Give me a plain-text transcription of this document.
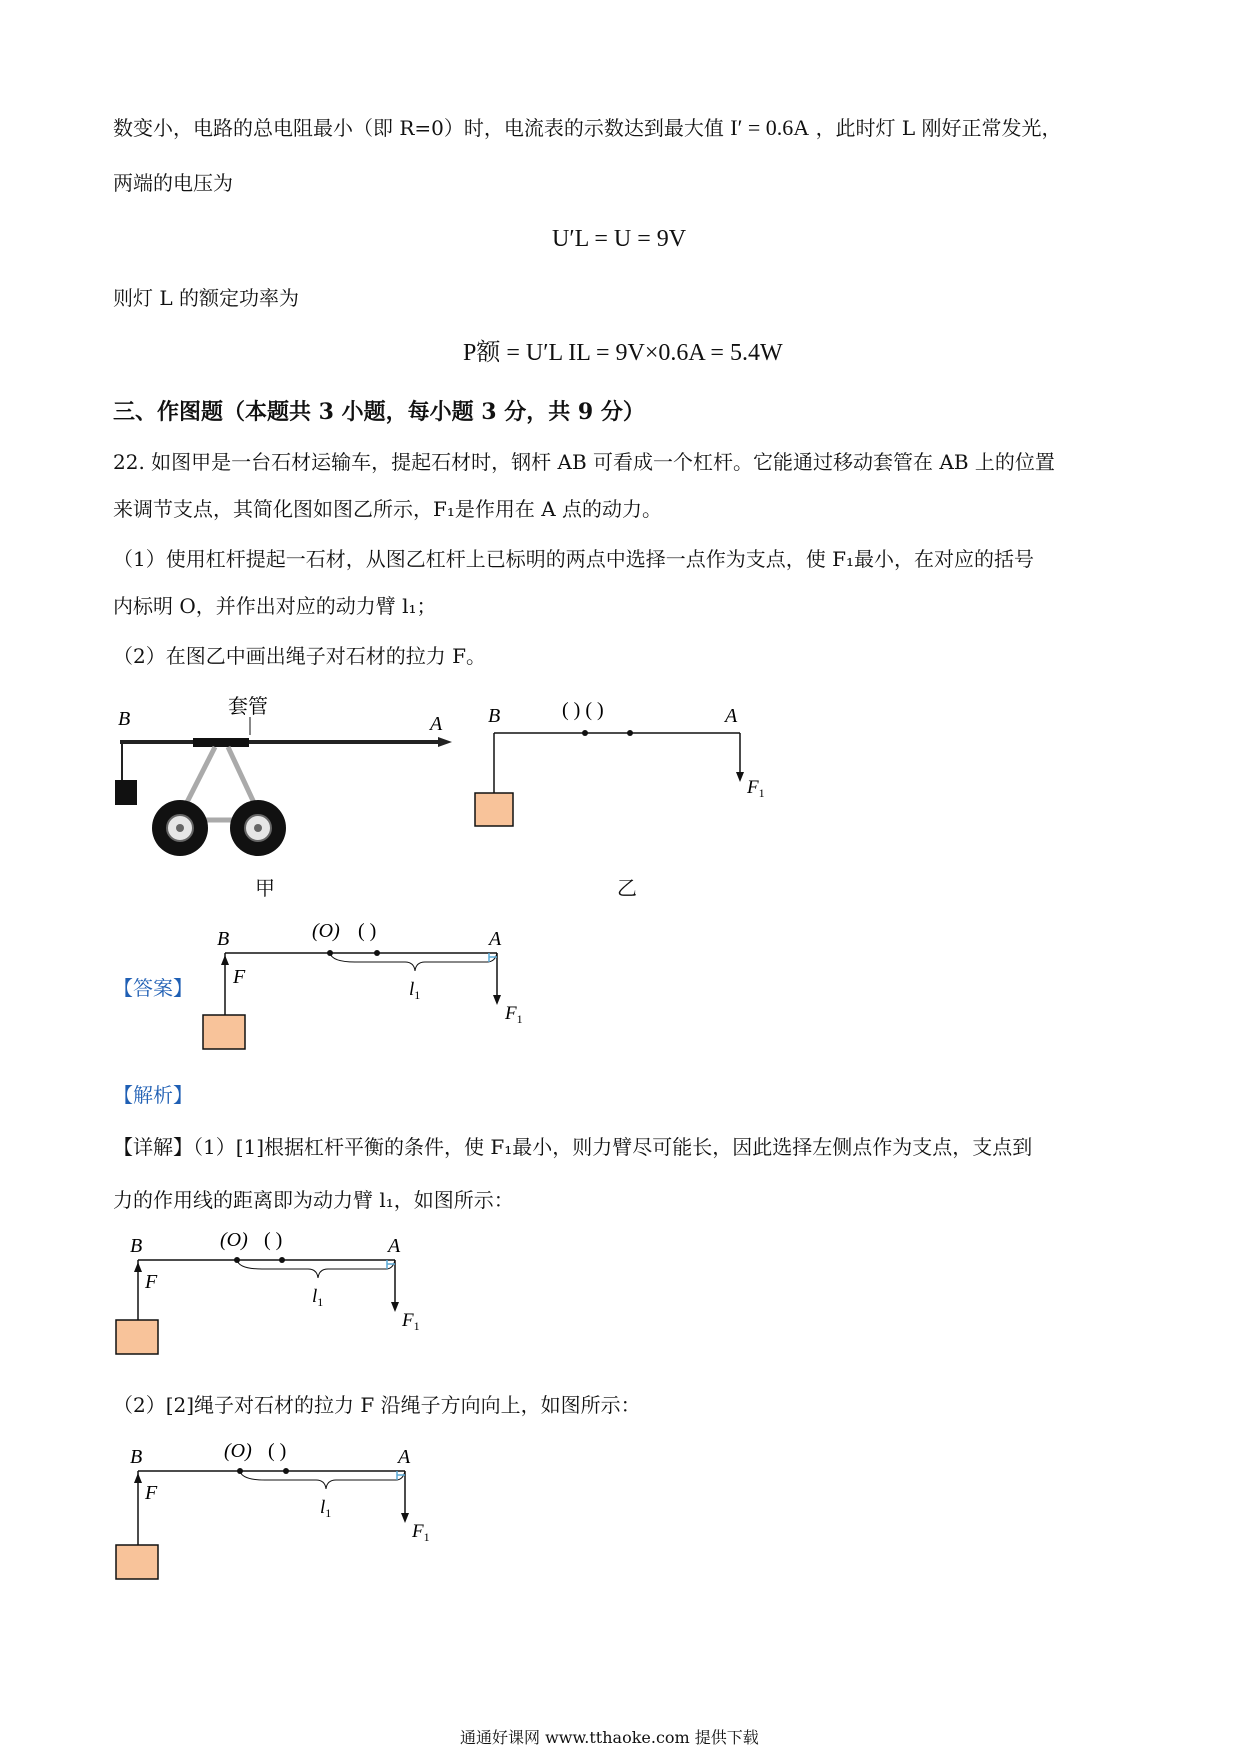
数变小，电路的总电阻最小（即 R=0）时，电流表的示数达到最大值 I′ = 0.6A ，此时灯 L 刚好正常发光，
两端的电压为
U′L = U = 9V
则灯 L 的额定功率为
P额 = U′L IL = 9V×0.6A = 5.4W
三、作图题（本题共 3 小题，每小题 3 分，共 9 分）
22. 如图甲是一台石材运输车，提起石材时，钢杆 AB 可看成一个杠杆。它能通过移动套管在 AB 上的位置
来调节支点，其简化图如图乙所示，F₁是作用在 A 点的动力。
（1）使用杠杆提起一石材，从图乙杠杆上已标明的两点中选择一点作为支点，使 F₁最小，在对应的括号
内标明 O，并作出对应的动力臂 l₁；
（2）在图乙中画出绳子对石材的拉力 F。
B
套管
A
甲
B	( ) ( )	A
$F_1$
乙
【答案】
B	(O) ( )	A
F
$F_1$
$l_1$
【解析】
【详解】（1）[1]根据杠杆平衡的条件，使 F₁最小，则力臂尽可能长，因此选择左侧点作为支点，支点到
力的作用线的距离即为动力臂 l₁，如图所示：
B	(O) ( )	A
F
$F_1$
$l_1$
（2）[2]绳子对石材的拉力 F 沿绳子方向向上，如图所示：
B	(O) ( )	A
F
$F_1$
$l_1$
通通好课网 www.tthaoke.com 提供下载
